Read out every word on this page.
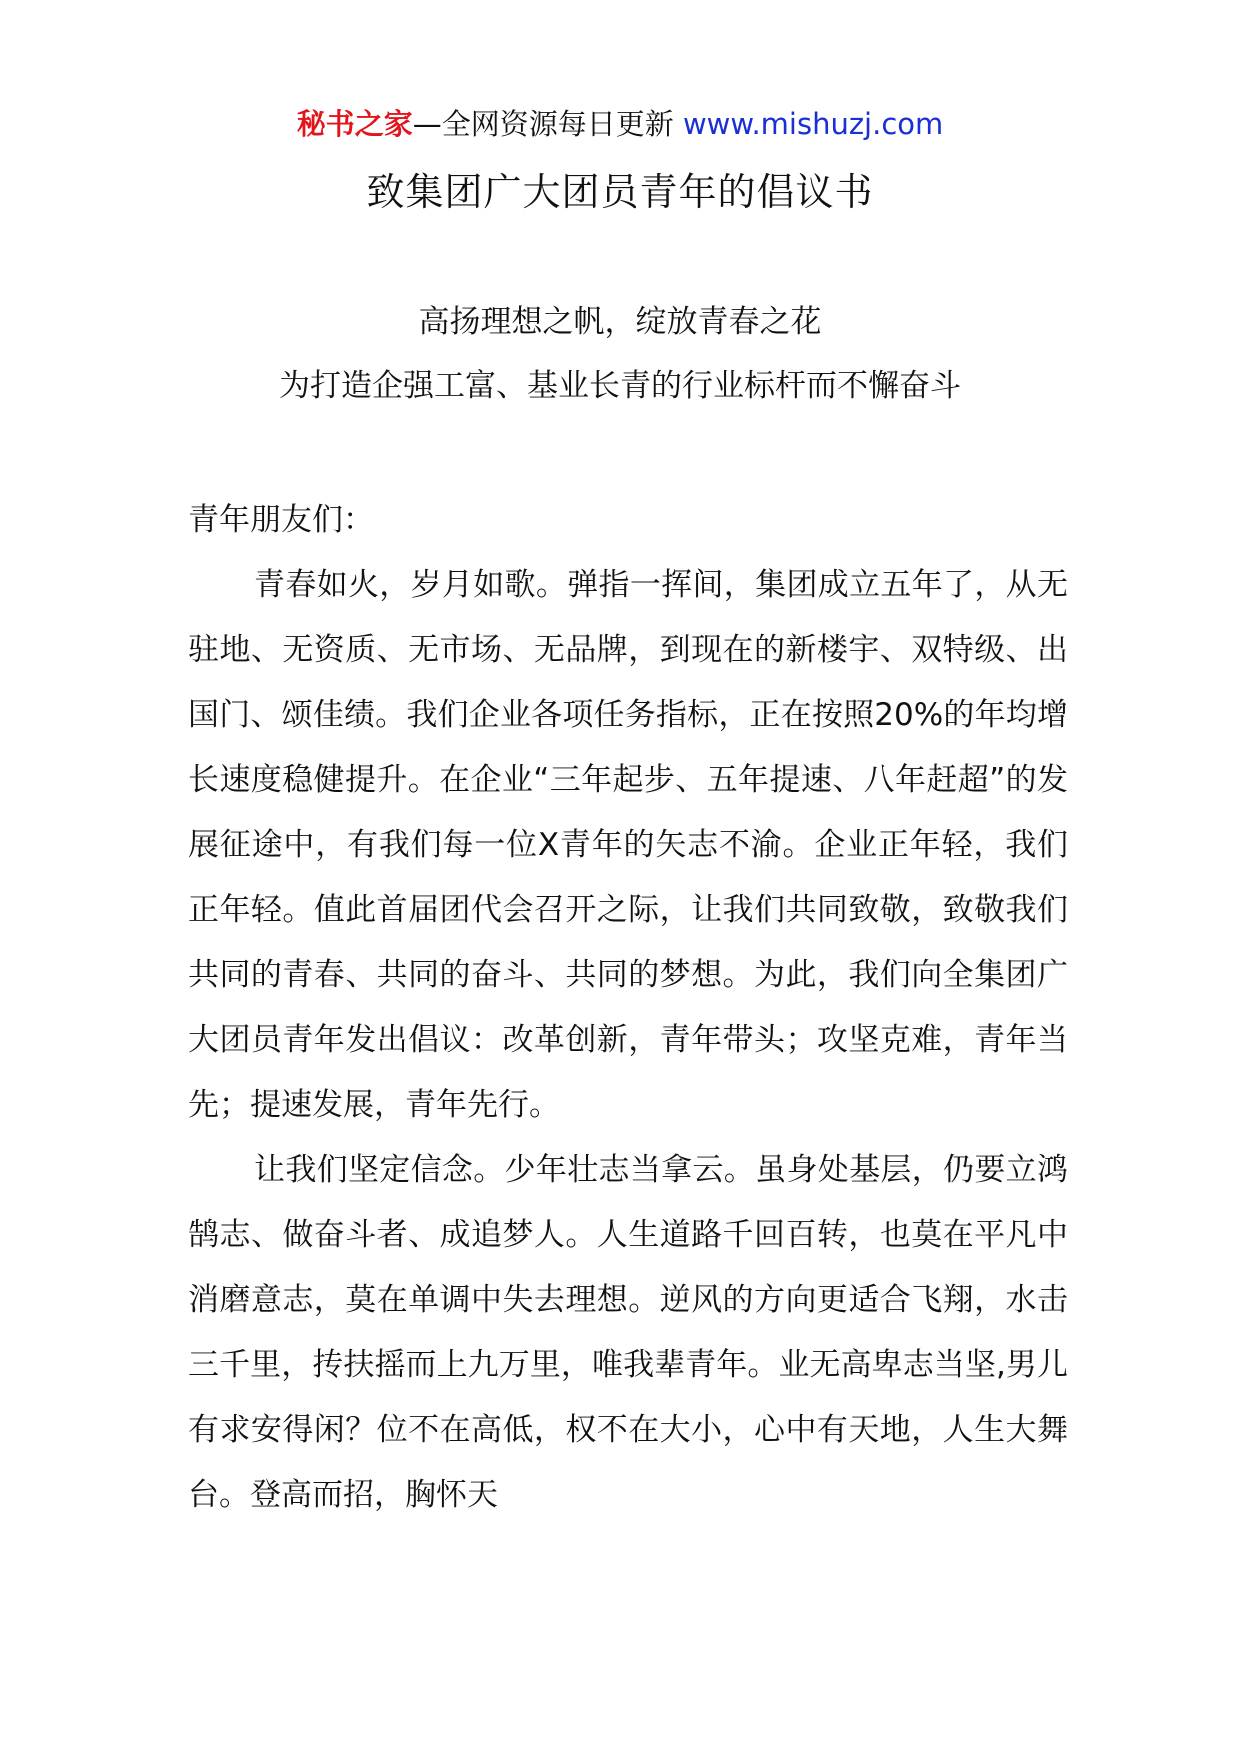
秘书之家—全网资源每日更新 www.mishuzj.com
致集团广大团员青年的倡议书

高扬理想之帆，绽放青春之花

为打造企强工富、基业长青的行业标杆而不懈奋斗

青年朋友们：

青春如火，岁月如歌。弹指一挥间，集团成立五年了，从无驻地、无资质、无市场、无品牌，到现在的新楼宇、双特级、出国门、颂佳绩。我们企业各项任务指标，正在按照20%的年均增长速度稳健提升。在企业“三年起步、五年提速、八年赶超”的发展征途中，有我们每一位X青年的矢志不渝。企业正年轻，我们正年轻。值此首届团代会召开之际，让我们共同致敬，致敬我们共同的青春、共同的奋斗、共同的梦想。为此，我们向全集团广大团员青年发出倡议：改革创新，青年带头；攻坚克难，青年当先；提速发展，青年先行。

让我们坚定信念。少年壮志当拿云。虽身处基层，仍要立鸿鹄志、做奋斗者、成追梦人。人生道路千回百转，也莫在平凡中消磨意志，莫在单调中失去理想。逆风的方向更适合飞翔，水击三千里，抟扶摇而上九万里，唯我辈青年。业无高卑志当坚,男儿有求安得闲？位不在高低，权不在大小，心中有天地，人生大舞台。登高而招，胸怀天
